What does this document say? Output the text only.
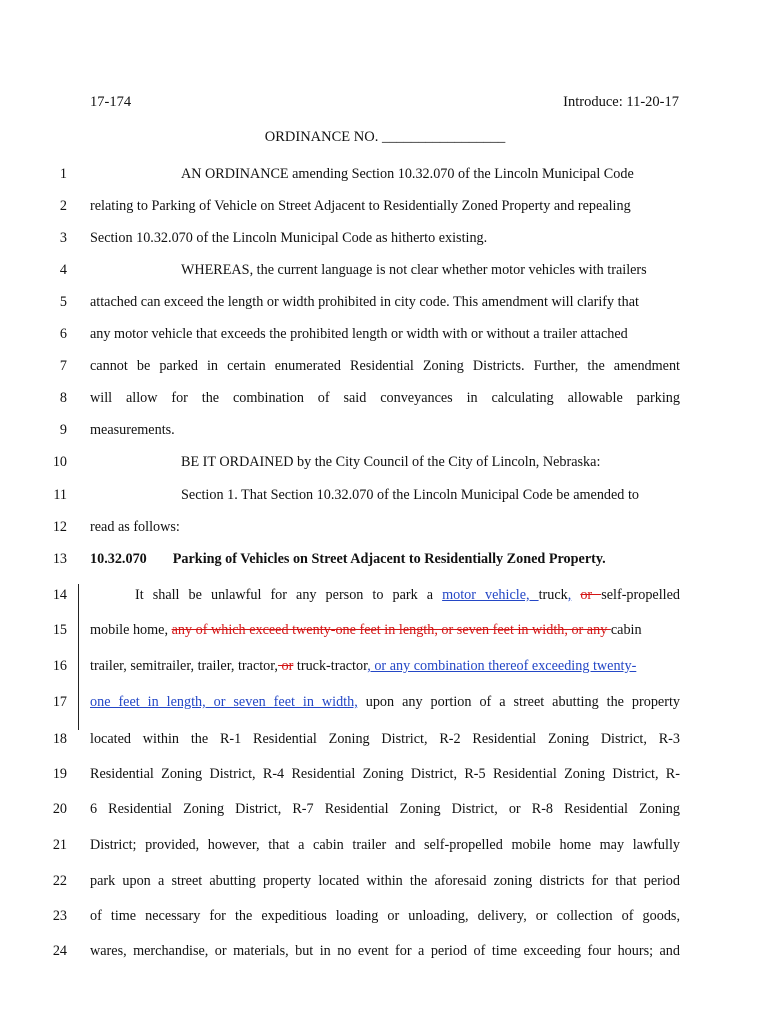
17-174	Introduce: 11-20-17
ORDINANCE NO. _________________
1	AN ORDINANCE amending Section 10.32.070 of the Lincoln Municipal Code
2 relating to Parking of Vehicle on Street Adjacent to Residentially Zoned Property and repealing
3 Section 10.32.070 of the Lincoln Municipal Code as hitherto existing.
4	WHEREAS, the current language is not clear whether motor vehicles with trailers
5 attached can exceed the length or width prohibited in city code. This amendment will clarify that
6 any motor vehicle that exceeds the prohibited length or width with or without a trailer attached
7 cannot be parked in certain enumerated Residential Zoning Districts. Further, the amendment
8 will allow for the combination of said conveyances in calculating allowable parking
9 measurements.
10	BE IT ORDAINED by the City Council of the City of Lincoln, Nebraska:
11	Section 1. That Section 10.32.070 of the Lincoln Municipal Code be amended to
12 read as follows:
13 10.32.070 Parking of Vehicles on Street Adjacent to Residentially Zoned Property.
14	It shall be unlawful for any person to park a motor vehicle, truck, or self-propelled
15 mobile home, any of which exceed twenty-one feet in length, or seven feet in width, or any cabin
16 trailer, semitrailer, trailer, tractor, or truck-tractor, or any combination thereof exceeding twenty-
17 one feet in length, or seven feet in width, upon any portion of a street abutting the property
18 located within the R-1 Residential Zoning District, R-2 Residential Zoning District, R-3
19 Residential Zoning District, R-4 Residential Zoning District, R-5 Residential Zoning District, R-
20 6 Residential Zoning District, R-7 Residential Zoning District, or R-8 Residential Zoning
21 District; provided, however, that a cabin trailer and self-propelled mobile home may lawfully
22 park upon a street abutting property located within the aforesaid zoning districts for that period
23 of time necessary for the expeditious loading or unloading, delivery, or collection of goods,
24 wares, merchandise, or materials, but in no event for a period of time exceeding four hours; and
